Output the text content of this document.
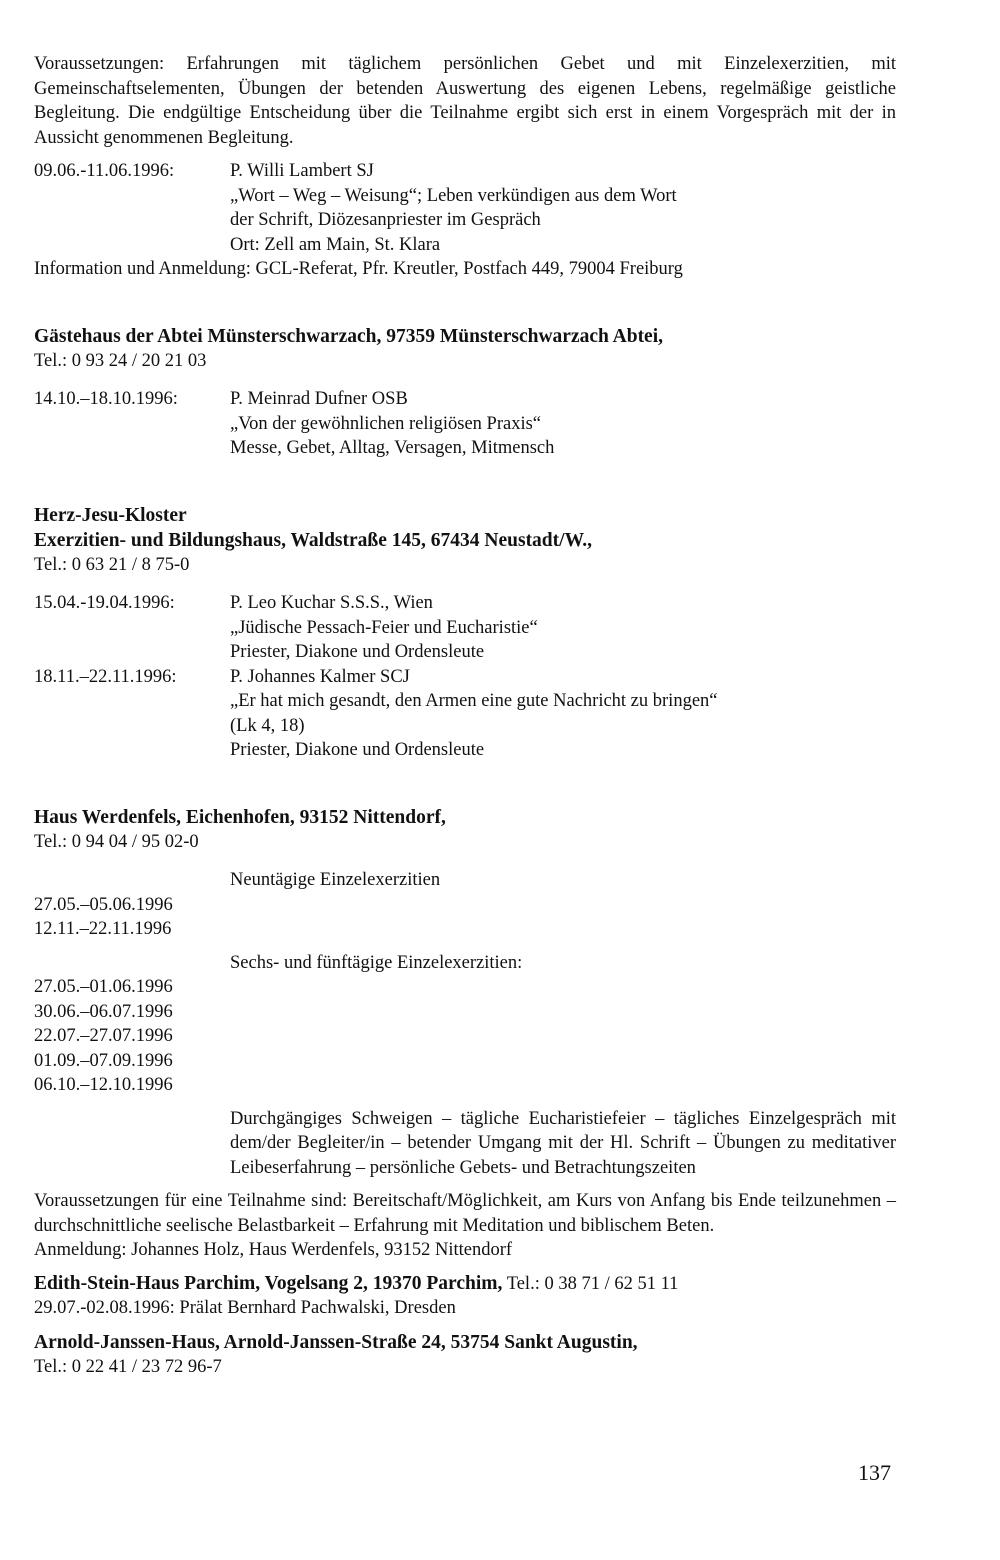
Voraussetzungen: Erfahrungen mit täglichem persönlichen Gebet und mit Einzelexerzitien, mit Gemeinschaftselementen, Übungen der betenden Auswertung des eigenen Lebens, regelmäßige geistliche Begleitung. Die endgültige Entscheidung über die Teilnahme ergibt sich erst in einem Vorgespräch mit der in Aussicht genommenen Begleitung.

09.06.-11.06.1996:	P. Willi Lambert SJ
„Wort – Weg – Weisung“; Leben verkündigen aus dem Wort
der Schrift, Diözesanpriester im Gespräch
Ort: Zell am Main, St. Klara

Information und Anmeldung: GCL-Referat, Pfr. Kreutler, Postfach 449, 79004 Freiburg

Gästehaus der Abtei Münsterschwarzach, 97359 Münsterschwarzach Abtei,

Tel.: 0 93 24 / 20 21 03

14.10.–18.10.1996:	P. Meinrad Dufner OSB
„Von der gewöhnlichen religiösen Praxis“
Messe, Gebet, Alltag, Versagen, Mitmensch

Herz-Jesu-Kloster

Exerzitien- und Bildungshaus, Waldstraße 145, 67434 Neustadt/W.,

Tel.: 0 63 21 / 8 75-0

15.04.-19.04.1996:	P. Leo Kuchar S.S.S., Wien
„Jüdische Pessach-Feier und Eucharistie“
Priester, Diakone und Ordensleute
18.11.–22.11.1996:	P. Johannes Kalmer SCJ
„Er hat mich gesandt, den Armen eine gute Nachricht zu bringen“
(Lk 4, 18)
Priester, Diakone und Ordensleute

Haus Werdenfels, Eichenhofen, 93152 Nittendorf,

Tel.: 0 94 04 / 95 02-0

Neuntägige Einzelexerzitien
27.05.–05.06.1996
12.11.–22.11.1996
Sechs- und fünftägige Einzelexerzitien:
27.05.–01.06.1996
30.06.–06.07.1996
22.07.–27.07.1996
01.09.–07.09.1996
06.10.–12.10.1996

Durchgängiges Schweigen – tägliche Eucharistiefeier – tägliches Einzelgespräch mit dem/der Begleiter/in – betender Umgang mit der Hl. Schrift – Übungen zu meditativer Leibeserfahrung – persönliche Gebets- und Betrachtungszeiten

Voraussetzungen für eine Teilnahme sind: Bereitschaft/Möglichkeit, am Kurs von Anfang bis Ende teilzunehmen – durchschnittliche seelische Belastbarkeit – Erfahrung mit Meditation und biblischem Beten.

Anmeldung: Johannes Holz, Haus Werdenfels, 93152 Nittendorf

Edith-Stein-Haus Parchim, Vogelsang 2, 19370 Parchim, Tel.: 0 38 71 / 62 51 11

29.07.-02.08.1996: Prälat Bernhard Pachwalski, Dresden

Arnold-Janssen-Haus, Arnold-Janssen-Straße 24, 53754 Sankt Augustin,

Tel.: 0 22 41 / 23 72 96-7

137
